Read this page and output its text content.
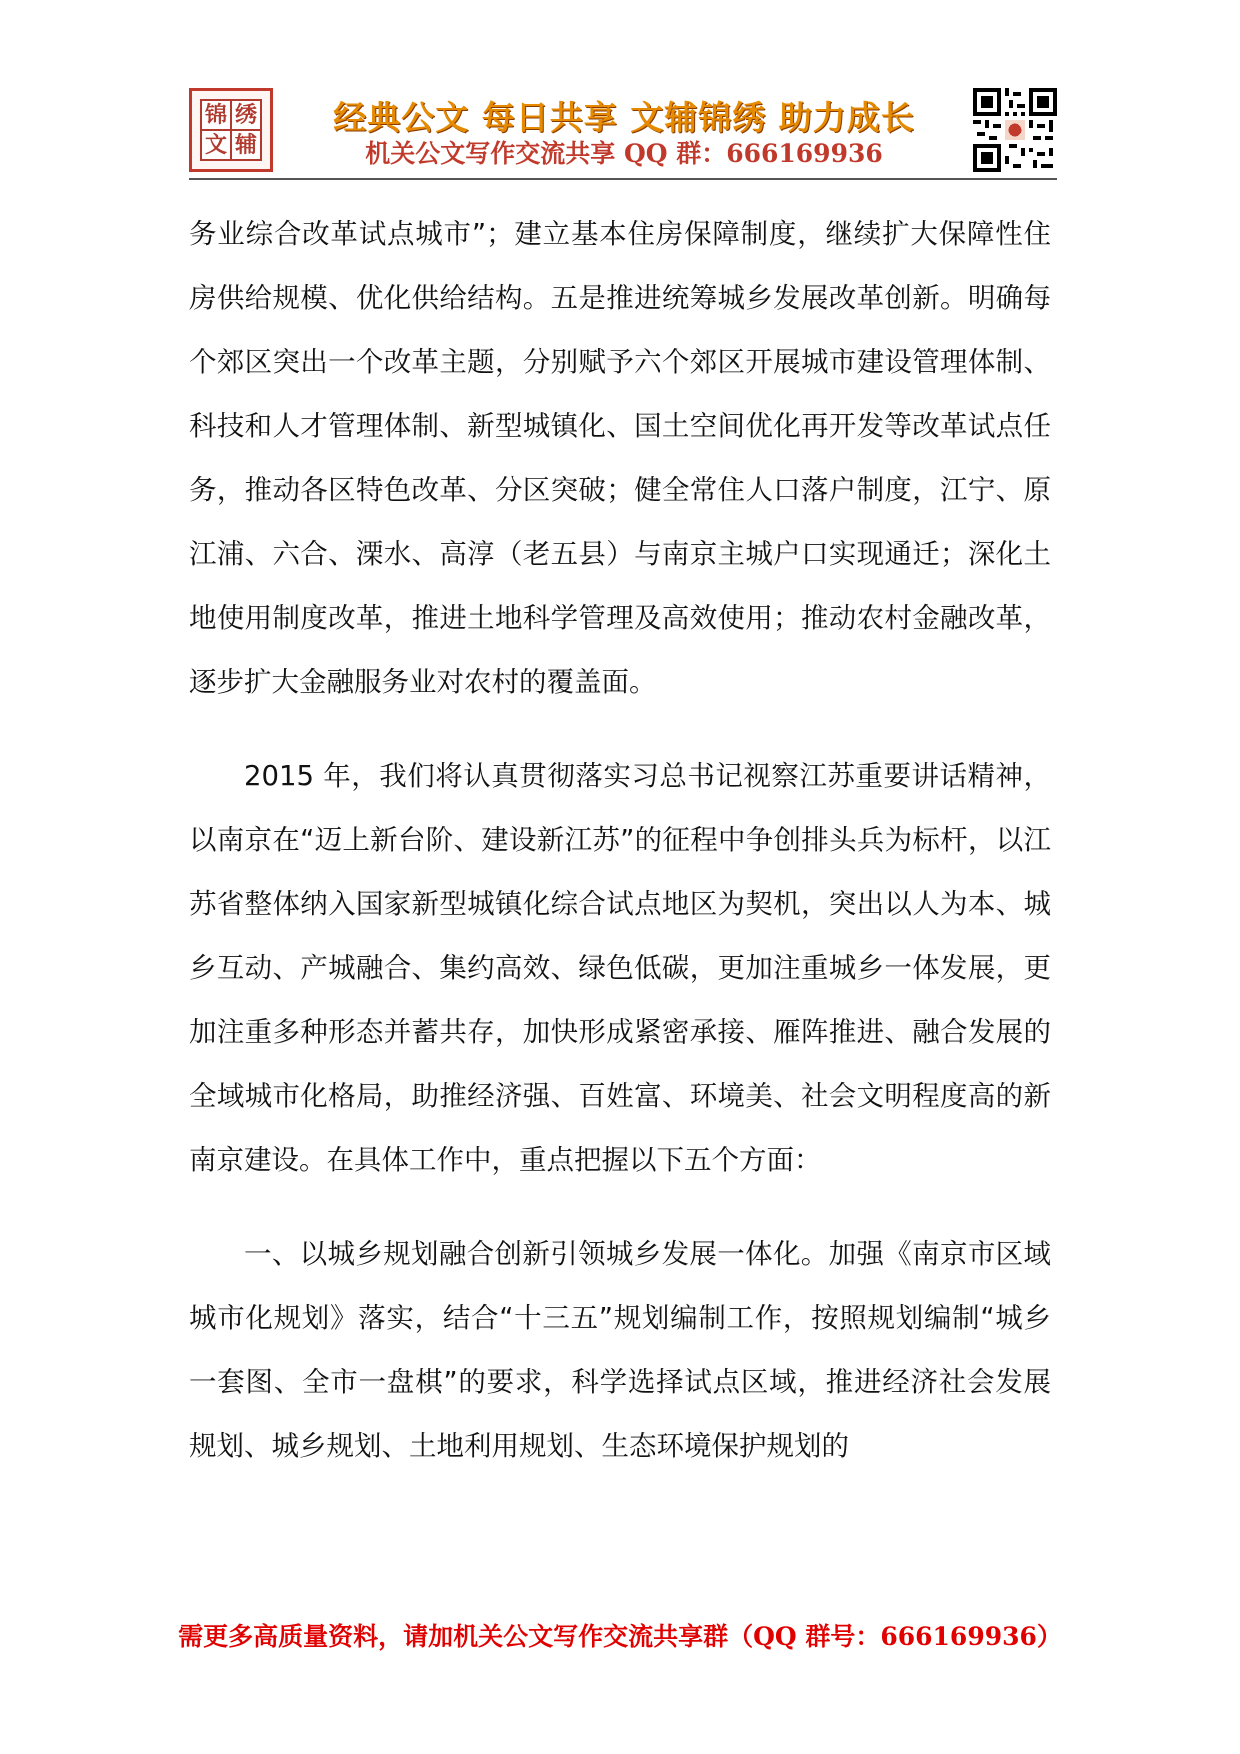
锦 绣
文 辅
经典公文 每日共享 文辅锦绣 助力成长
机关公文写作交流共享 QQ 群：666169936

务业综合改革试点城市”；建立基本住房保障制度，继续扩大保障性住房供给规模、优化供给结构。五是推进统筹城乡发展改革创新。明确每个郊区突出一个改革主题，分别赋予六个郊区开展城市建设管理体制、科技和人才管理体制、新型城镇化、国土空间优化再开发等改革试点任务，推动各区特色改革、分区突破；健全常住人口落户制度，江宁、原江浦、六合、溧水、高淳（老五县）与南京主城户口实现通迁；深化土地使用制度改革，推进土地科学管理及高效使用；推动农村金融改革，逐步扩大金融服务业对农村的覆盖面。

2015 年，我们将认真贯彻落实习总书记视察江苏重要讲话精神，以南京在“迈上新台阶、建设新江苏”的征程中争创排头兵为标杆，以江苏省整体纳入国家新型城镇化综合试点地区为契机，突出以人为本、城乡互动、产城融合、集约高效、绿色低碳，更加注重城乡一体发展，更加注重多种形态并蓄共存，加快形成紧密承接、雁阵推进、融合发展的全域城市化格局，助推经济强、百姓富、环境美、社会文明程度高的新南京建设。在具体工作中，重点把握以下五个方面：

一、以城乡规划融合创新引领城乡发展一体化。加强《南京市区域城市化规划》落实，结合“十三五”规划编制工作，按照规划编制“城乡一套图、全市一盘棋”的要求，科学选择试点区域，推进经济社会发展规划、城乡规划、土地利用规划、生态环境保护规划的

需更多高质量资料，请加机关公文写作交流共享群（QQ 群号：666169936）
